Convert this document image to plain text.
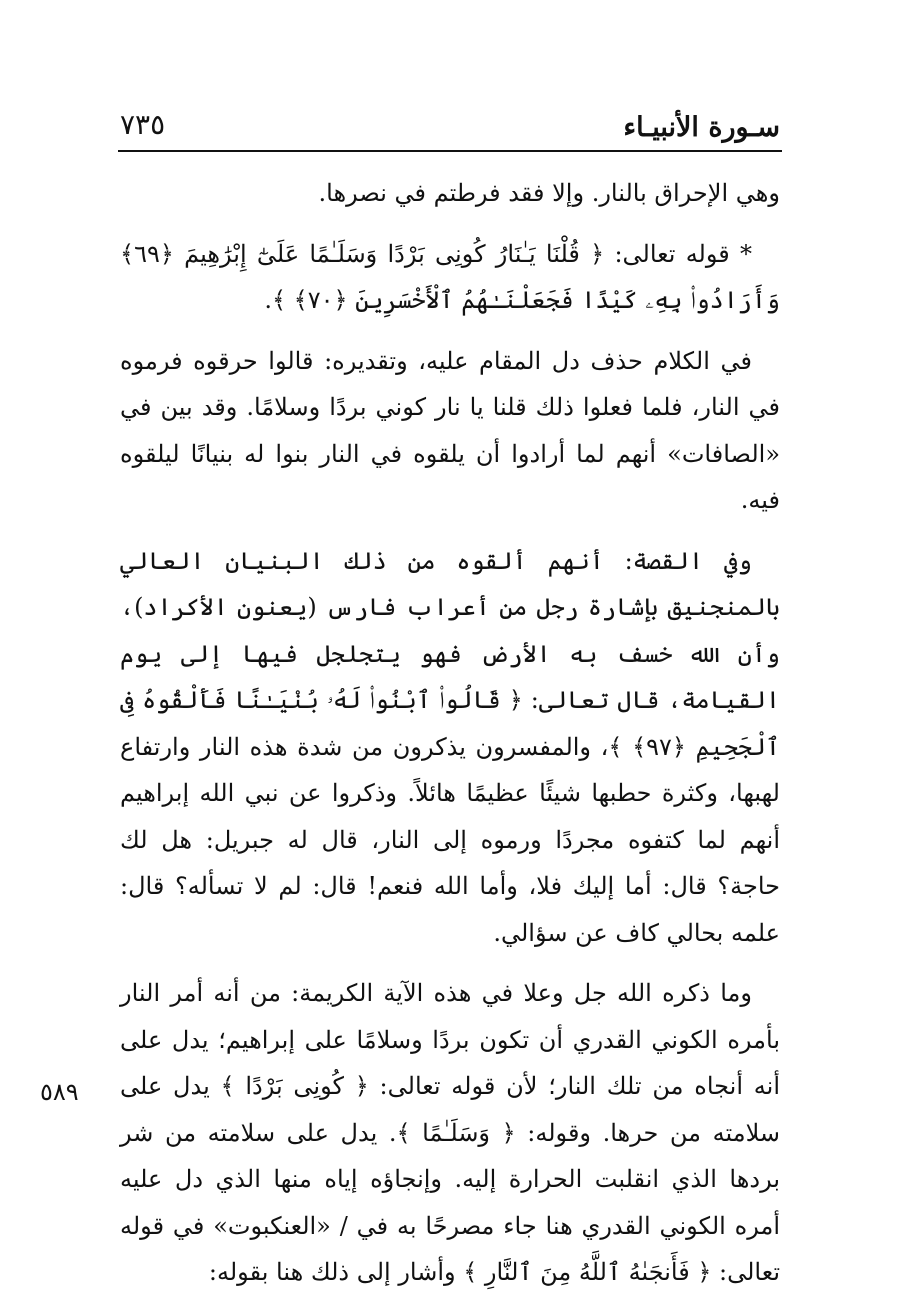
سـورة الأنبيـاء
٧٣٥

وهي الإحراق بالنار. وإلا فقد فرطتم في نصرها.

* قوله تعالى: ﴿ قُلْنَا يَـٰنَارُ كُونِى بَرْدًا وَسَلَـٰمًا عَلَىٰٓ إِبْرَٰهِيمَ ﴿٦٩﴾ وَأَرَادُوا۟ بِهِۦ كَيْدًا فَجَعَلْنَـٰهُمُ ٱلْأَخْسَرِينَ ﴿٧٠﴾ ﴾.

في الكلام حذف دل المقام عليه، وتقديره: قالوا حرقوه فرموه في النار، فلما فعلوا ذلك قلنا يا نار كوني بردًا وسلامًا. وقد بين في «الصافات» أنهم لما أرادوا أن يلقوه في النار بنوا له بنيانًا ليلقوه فيه.

وفي القصة: أنهم ألقوه من ذلك البنيان العالي بالمنجنيق بإشارة رجل من أعراب فارس (يعنون الأكراد)، وأن الله خسف به الأرض فهو يتجلجل فيها إلى يوم القيامة، قال تعالى: ﴿ قَالُوا۟ ٱبْنُوا۟ لَهُۥ بُنْيَـٰنًا فَأَلْقُوهُ فِى ٱلْجَحِيمِ ﴿٩٧﴾ ﴾، والمفسرون يذكرون من شدة هذه النار وارتفاع لهبها، وكثرة حطبها شيئًا عظيمًا هائلاً. وذكروا عن نبي الله إبراهيم أنهم لما كتفوه مجردًا ورموه إلى النار، قال له جبريل: هل لك حاجة؟ قال: أما إليك فلا، وأما الله فنعم! قال: لم لا تسأله؟ قال: علمه بحالي كاف عن سؤالي.

وما ذكره الله جل وعلا في هذه الآية الكريمة: من أنه أمر النار بأمره الكوني القدري أن تكون بردًا وسلامًا على إبراهيم؛ يدل على أنه أنجاه من تلك النار؛ لأن قوله تعالى: ﴿ كُونِى بَرْدًا ﴾ يدل على سلامته من حرها. وقوله: ﴿ وَسَلَـٰمًا ﴾. يدل على سلامته من شر بردها الذي انقلبت الحرارة إليه. وإنجاؤه إياه منها الذي دل عليه أمره الكوني القدري هنا جاء مصرحًا به في / «العنكبوت» في قوله تعالى: ﴿ فَأَنجَىٰهُ ٱللَّهُ مِنَ ٱلنَّارِ ﴾ وأشار إلى ذلك هنا بقوله:

٥٨٩
